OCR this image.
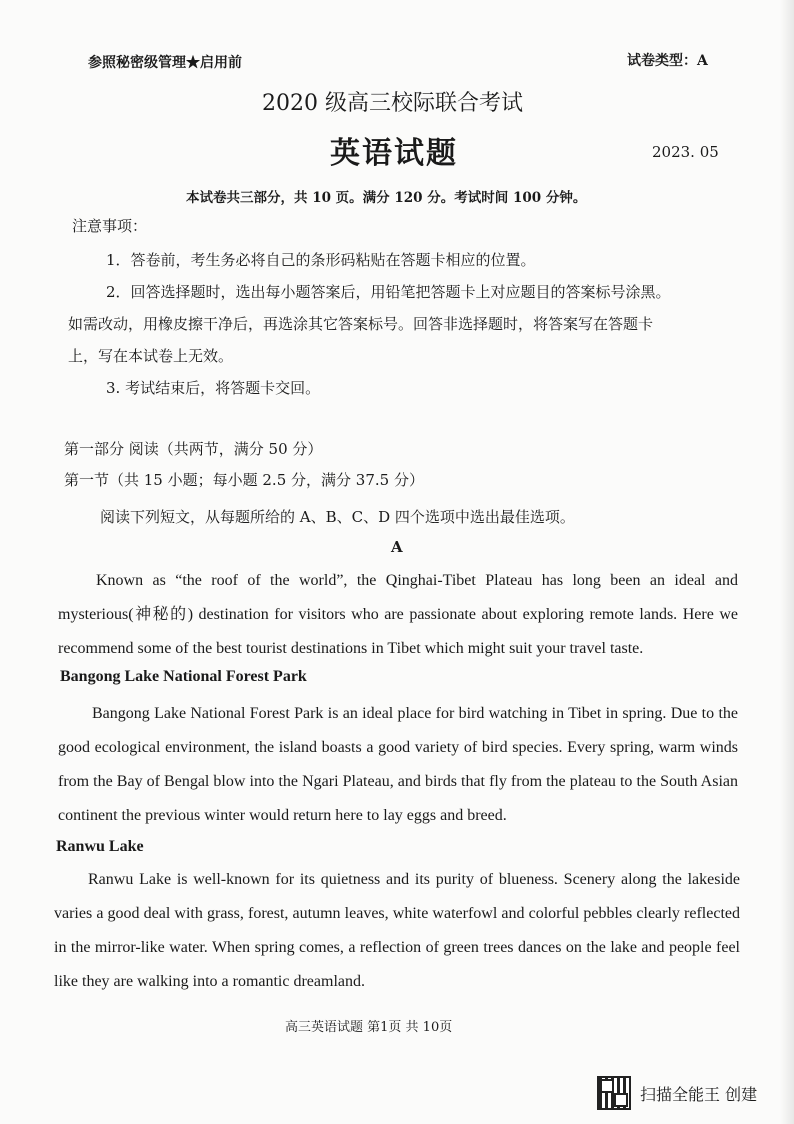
参照秘密级管理★启用前	试卷类型：A
2020 级高三校际联合考试
英语试题	2023. 05
本试卷共三部分，共 10 页。满分 120 分。考试时间 100 分钟。
注意事项：

1．答卷前，考生务必将自己的条形码粘贴在答题卡相应的位置。

2．回答选择题时，选出每小题答案后，用铅笔把答题卡上对应题目的答案标号涂黑。

如需改动，用橡皮擦干净后，再选涂其它答案标号。回答非选择题时，将答案写在答题卡

上，写在本试卷上无效。

3. 考试结束后，将答题卡交回。

第一部分 阅读（共两节，满分 50 分）
第一节（共 15 小题；每小题 2.5 分，满分 37.5 分）
阅读下列短文，从每题所给的 A、B、C、D 四个选项中选出最佳选项。
A

Known as “the roof of the world”, the Qinghai-Tibet Plateau has long been an ideal and mysterious(神秘的) destination for visitors who are passionate about exploring remote lands. Here we recommend some of the best tourist destinations in Tibet which might suit your travel taste.

Bangong Lake National Forest Park

Bangong Lake National Forest Park is an ideal place for bird watching in Tibet in spring. Due to the good ecological environment, the island boasts a good variety of bird species. Every spring, warm winds from the Bay of Bengal blow into the Ngari Plateau, and birds that fly from the plateau to the South Asian continent the previous winter would return here to lay eggs and breed.

Ranwu Lake

Ranwu Lake is well-known for its quietness and its purity of blueness. Scenery along the lakeside varies a good deal with grass, forest, autumn leaves, white waterfowl and colorful pebbles clearly reflected in the mirror-like water. When spring comes, a reflection of green trees dances on the lake and people feel like they are walking into a romantic dreamland.

高三英语试题 第1页 共 10页
扫描全能王 创建
